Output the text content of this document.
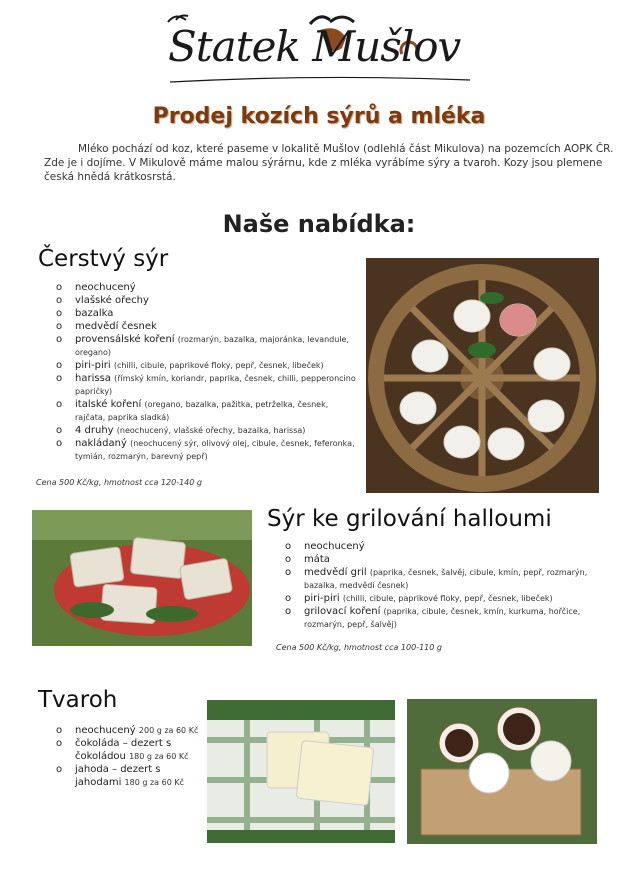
Statek Mušlov
Prodej kozích sýrů a mléka
Mléko pochází od koz, které paseme v lokalitě Mušlov (odlehlá část Mikulova) na pozemcích AOPK ČR. Zde je i dojíme. V Mikulově máme malou sýrárnu, kde z mléka vyrábíme sýry a tvaroh. Kozy jsou plemene česká hnědá krátkosrstá.
Naše nabídka:
Čerstvý sýr
o neochucený
o vlašské ořechy
o bazalka
o medvědí česnek
o provensálské koření (rozmarýn, bazalka, majoránka, levandule, oregano)
o piri-piri (chilli, cibule, paprikové floky, pepř, česnek, libeček)
o harissa (římský kmín, koriandr, paprika, česnek, chilli, pepperoncino papričky)
o italské koření (oregano, bazalka, pažitka, petrželka, česnek, rajčata, paprika sladká)
o 4 druhy (neochucený, vlašské ořechy, bazalka, harissa)
o nakládaný (neochucený sýr, olivový olej, cibule, česnek, feferonka, tymián, rozmarýn, barevný pepř)
Cena 500 Kč/kg, hmotnost cca 120-140 g
Sýr ke grilování halloumi
o neochucený
o máta
o medvědí gril (paprika, česnek, šalvěj, cibule, kmín, pepř, rozmarýn, bazalka, medvědí česnek)
o piri-piri (chilli, cibule, paprikové floky, pepř, česnek, libeček)
o grilovací koření (paprika, cibule, česnek, kmín, kurkuma, hořčice, rozmarýn, pepř, šalvěj)
Cena 500 Kč/kg, hmotnost cca 100-110 g
Tvaroh
o neochucený 200 g za 60 Kč
o čokoláda – dezert s čokoládou 180 g za 60 Kč
o jahoda – dezert s jahodami 180 g za 60 Kč
